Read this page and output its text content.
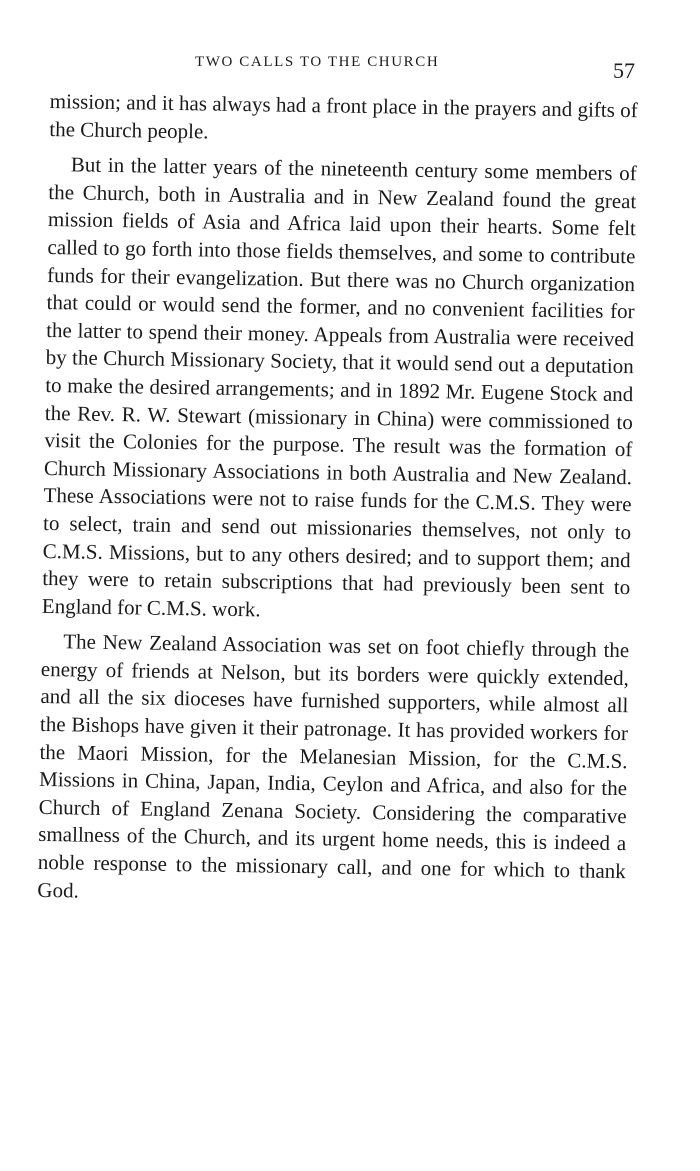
TWO CALLS TO THE CHURCH	57

mission; and it has always had a front place in the prayers and gifts of the Church people.

But in the latter years of the nineteenth century some members of the Church, both in Australia and in New Zealand found the great mission fields of Asia and Africa laid upon their hearts. Some felt called to go forth into those fields themselves, and some to contribute funds for their evangelization. But there was no Church organization that could or would send the former, and no convenient facilities for the latter to spend their money. Appeals from Australia were received by the Church Missionary Society, that it would send out a deputation to make the desired arrangements; and in 1892 Mr. Eugene Stock and the Rev. R. W. Stewart (missionary in China) were commissioned to visit the Colonies for the purpose. The result was the formation of Church Missionary Associations in both Australia and New Zealand. These Associations were not to raise funds for the C.M.S. They were to select, train and send out missionaries themselves, not only to C.M.S. Missions, but to any others desired; and to support them; and they were to retain subscriptions that had previously been sent to England for C.M.S. work.

The New Zealand Association was set on foot chiefly through the energy of friends at Nelson, but its borders were quickly extended, and all the six dioceses have furnished supporters, while almost all the Bishops have given it their patronage. It has provided workers for the Maori Mission, for the Melanesian Mission, for the C.M.S. Missions in China, Japan, India, Ceylon and Africa, and also for the Church of England Zenana Society. Considering the comparative smallness of the Church, and its urgent home needs, this is indeed a noble response to the missionary call, and one for which to thank God.
